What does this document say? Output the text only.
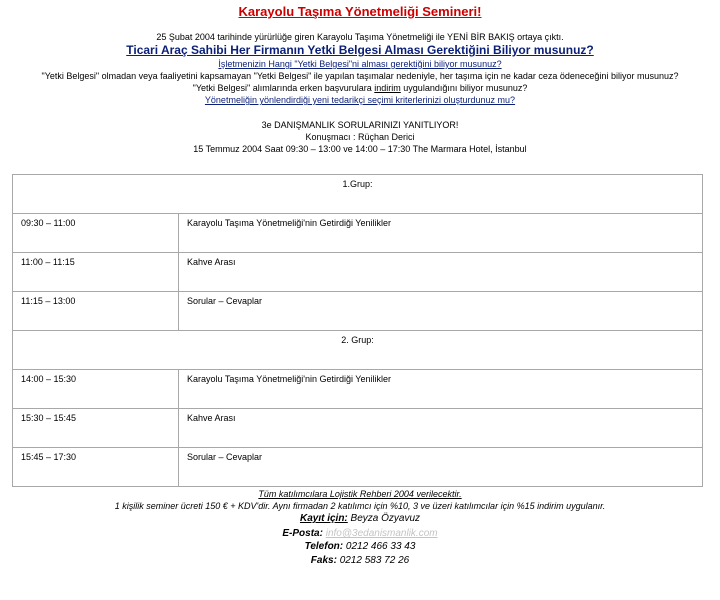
Karayolu Taşıma Yönetmeliği Semineri!
25 Şubat 2004 tarihinde yürürlüğe giren Karayolu Taşıma Yönetmeliği ile YENİ BİR BAKIŞ ortaya çıktı.
Ticari Araç Sahibi Her Firmanın Yetki Belgesi Alması Gerektiğini Biliyor musunuz?
İşletmenizin Hangi "Yetki Belgesi"ni alması gerektiğini biliyor musunuz?
"Yetki Belgesi" olmadan veya faaliyetini kapsamayan "Yetki Belgesi" ile yapılan taşımalar nedeniyle, her taşıma için ne kadar ceza ödeneceğini biliyor musunuz?
"Yetki Belgesi" alımlarında erken başvurulara indirim uygulandığını biliyor musunuz?
Yönetmeliğin yönlendirdiği yeni tedarikçi seçimi kriterlerinizi oluşturdunuz mu?
3e DANIŞMANLIK SORULARINIZI YANITLIYOR!
Konuşmacı : Rüçhan Derici
15 Temmuz 2004 Saat 09:30 – 13:00 ve 14:00 – 17:30 The Marmara Hotel, İstanbul
1.Grup:	
09:30 – 11:00	Karayolu Taşıma Yönetmeliği'nin Getirdiği Yenilikler
11:00 – 11:15	Kahve Arası
11:15 – 13:00	Sorular – Cevaplar
2. Grup:	
14:00 – 15:30	Karayolu Taşıma Yönetmeliği'nin Getirdiği Yenilikler
15:30 – 15:45	Kahve Arası
15:45 – 17:30	Sorular – Cevaplar
Tüm katılımcılara Lojistik Rehberi 2004 verilecektir.
1 kişilik seminer ücreti 150 € + KDV'dir. Aynı firmadan 2 katılımcı için %10, 3 ve üzeri katılımcılar için %15 indirim uygulanır.
Kayıt için: Beyza Özyavuz
E-Posta: info@3edanismanlik.com
Telefon: 0212 466 33 43
Faks: 0212 583 72 26
